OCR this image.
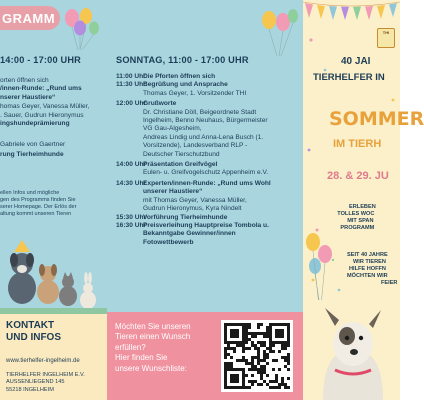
GRAMM
14:00 - 17:00 UHR
orten öffnen sich
/innen-Runde: „Rund ums
nserer Haustiere“
homas Geyer, Vanessa Müller,
. Sauer, Gudrun Hieronymus
ingshundeprämierung
Gabriele von Gaertner
rung Tierheimhunde
ellen Infos und mögliche
gen des Programms finden Sie
serer Homepage. Der Erlös der
altung kommt unseren Tieren
KONTAKT
UND INFOS
www.tierhelfer-ingelheim.de
TIERHELFER INGELHEIM E.V.
AUSSENLIEGEND 145
55218 INGELHEIM
SONNTAG, 11:00 - 17:00 UHR
11:00 Uhr
Die Pforten öffnen sich
11:30 Uhr
Begrüßung und Ansprache
Thomas Geyer, 1. Vorsitzender THI
12:00 Uhr
Grußworte
Dr. Christiane Döll, Beigeordnete Stadt
Ingelheim, Benno Neuhaus, Bürgermeister
VG Gau-Algesheim,
Andreas Lindig und Anna-Lena Busch (1.
Vorsitzende), Landesverband RLP -
Deutscher Tierschutzbund
14:00 Uhr
Präsentation Greifvögel
Eulen- u. Greifvogelschutz Appenheim e.V.
14:30 Uhr
Experten/innen-Runde: „Rund ums Wohl
unserer Haustiere“
mit Thomas Geyer, Vanessa Müller,
Gudrun Hieronymus, Kyra Nindelt
15:30 Uhr
Vorführung Tierheimhunde
16:30 Uhr
Preisverleihung Hauptpreise Tombola u.
Bekanntgabe Gewinner/innen
Fotowettbewerb
Möchten Sie unseren
Tieren einen Wunsch
erfüllen?
Hier finden Sie
unsere Wunschliste:
THI
40 JAI
TIERHELFER IN
SOMMER
IM TIERH
28. & 29. JU
ERLEBEN
TOLLES WOC
MIT SPAN
PROGRAMM
SEIT 40 JAHRE
WIR TIEREN
HILFE HOFFN
MÖCHTEN WIR
FEIER
